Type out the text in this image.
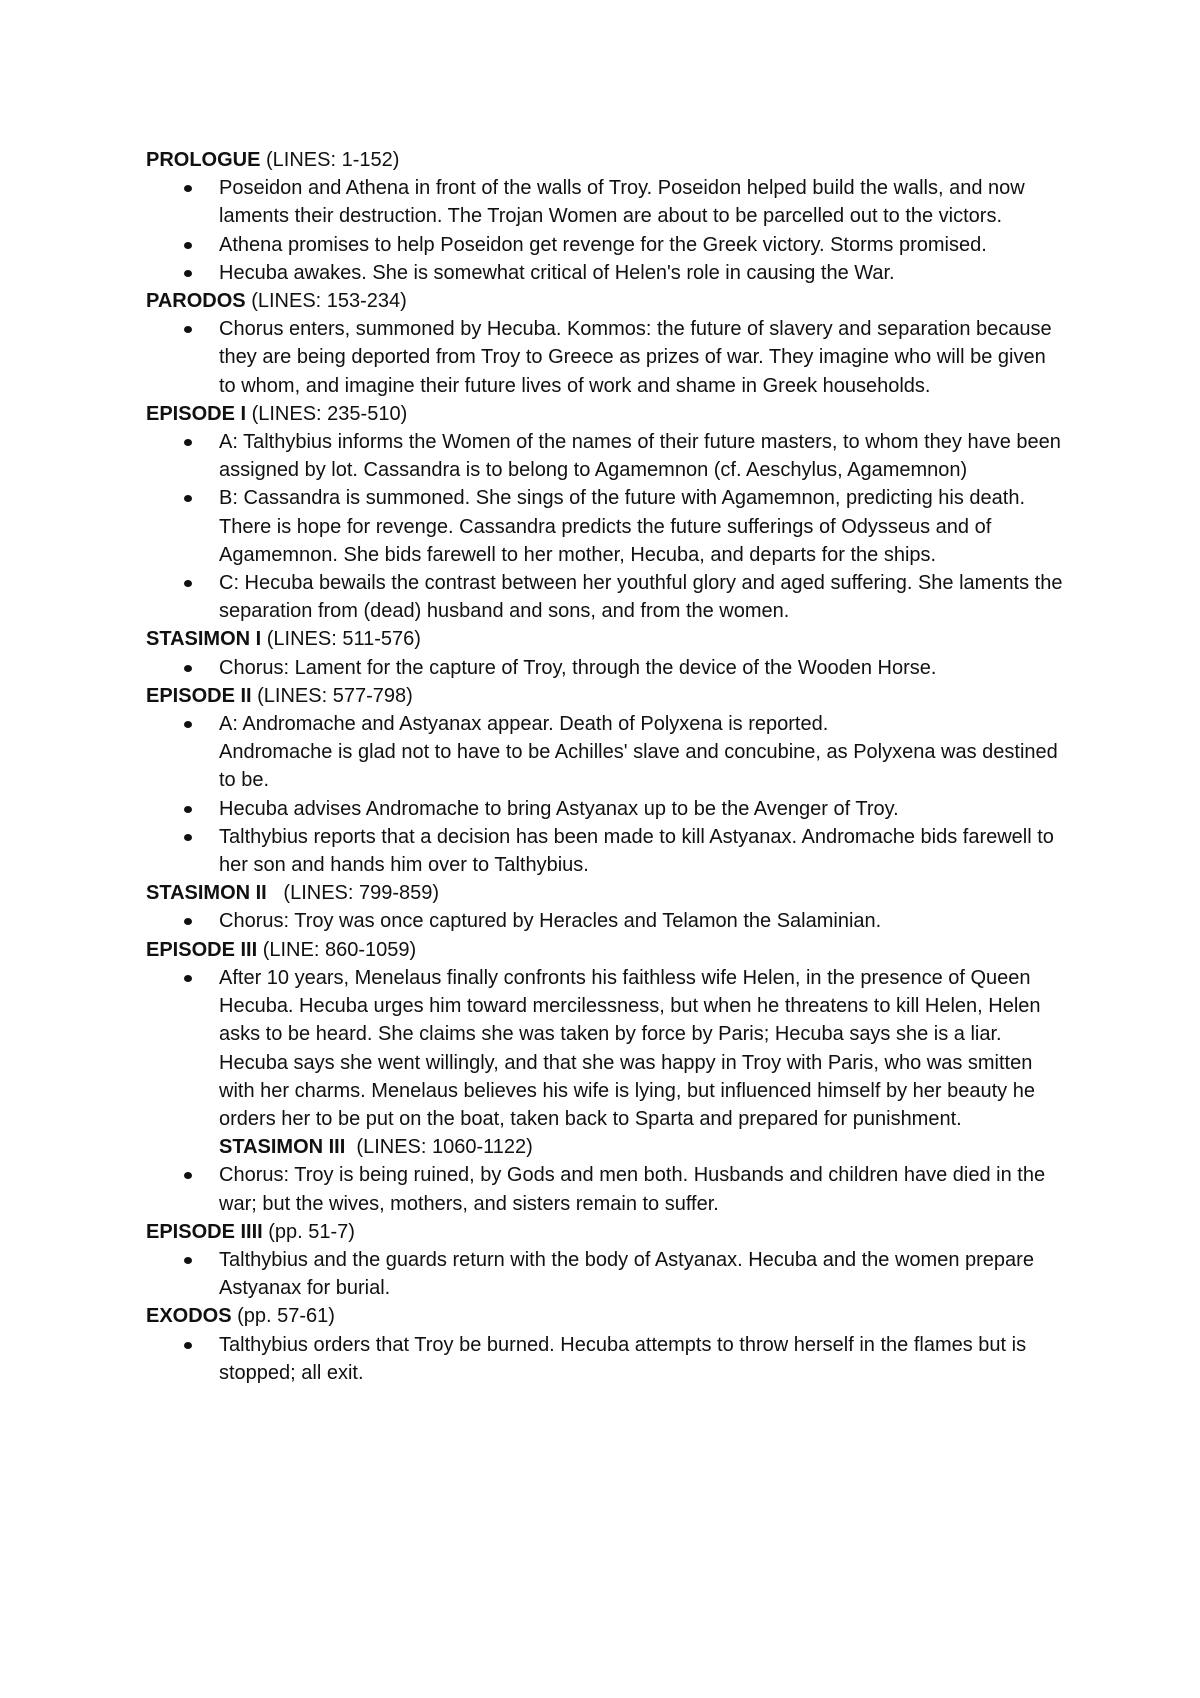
PROLOGUE (LINES: 1-152)

Poseidon and Athena in front of the walls of Troy. Poseidon helped build the walls, and now laments their destruction. The Trojan Women are about to be parcelled out to the victors.
Athena promises to help Poseidon get revenge for the Greek victory. Storms promised.
Hecuba awakes. She is somewhat critical of Helen's role in causing the War.

PARODOS (LINES: 153-234)

Chorus enters, summoned by Hecuba. Kommos: the future of slavery and separation because they are being deported from Troy to Greece as prizes of war. They imagine who will be given to whom, and imagine their future lives of work and shame in Greek households.

EPISODE I (LINES: 235-510)

A: Talthybius informs the Women of the names of their future masters, to whom they have been assigned by lot. Cassandra is to belong to Agamemnon (cf. Aeschylus, Agamemnon)
B: Cassandra is summoned. She sings of the future with Agamemnon, predicting his death. There is hope for revenge. Cassandra predicts the future sufferings of Odysseus and of Agamemnon. She bids farewell to her mother, Hecuba, and departs for the ships.
C: Hecuba bewails the contrast between her youthful glory and aged suffering. She laments the separation from (dead) husband and sons, and from the women.

STASIMON I (LINES: 511-576)

Chorus: Lament for the capture of Troy, through the device of the Wooden Horse.

EPISODE II (LINES: 577-798)

A: Andromache and Astyanax appear. Death of Polyxena is reported.
Andromache is glad not to have to be Achilles' slave and concubine, as Polyxena was destined to be.
Hecuba advises Andromache to bring Astyanax up to be the Avenger of Troy.
Talthybius reports that a decision has been made to kill Astyanax. Andromache bids farewell to her son and hands him over to Talthybius.

STASIMON II   (LINES: 799-859)

Chorus: Troy was once captured by Heracles and Telamon the Salaminian.

EPISODE III (LINE: 860-1059)

After 10 years, Menelaus finally confronts his faithless wife Helen, in the presence of Queen Hecuba. Hecuba urges him toward mercilessness, but when he threatens to kill Helen, Helen asks to be heard. She claims she was taken by force by Paris; Hecuba says she is a liar. Hecuba says she went willingly, and that she was happy in Troy with Paris, who was smitten with her charms. Menelaus believes his wife is lying, but influenced himself by her beauty he orders her to be put on the boat, taken back to Sparta and prepared for punishment.

STASIMON III  (LINES: 1060-1122)

Chorus: Troy is being ruined, by Gods and men both. Husbands and children have died in the war; but the wives, mothers, and sisters remain to suffer.

EPISODE IIII (pp. 51-7)

Talthybius and the guards return with the body of Astyanax. Hecuba and the women prepare Astyanax for burial.

EXODOS (pp. 57-61)

Talthybius orders that Troy be burned. Hecuba attempts to throw herself in the flames but is stopped; all exit.
